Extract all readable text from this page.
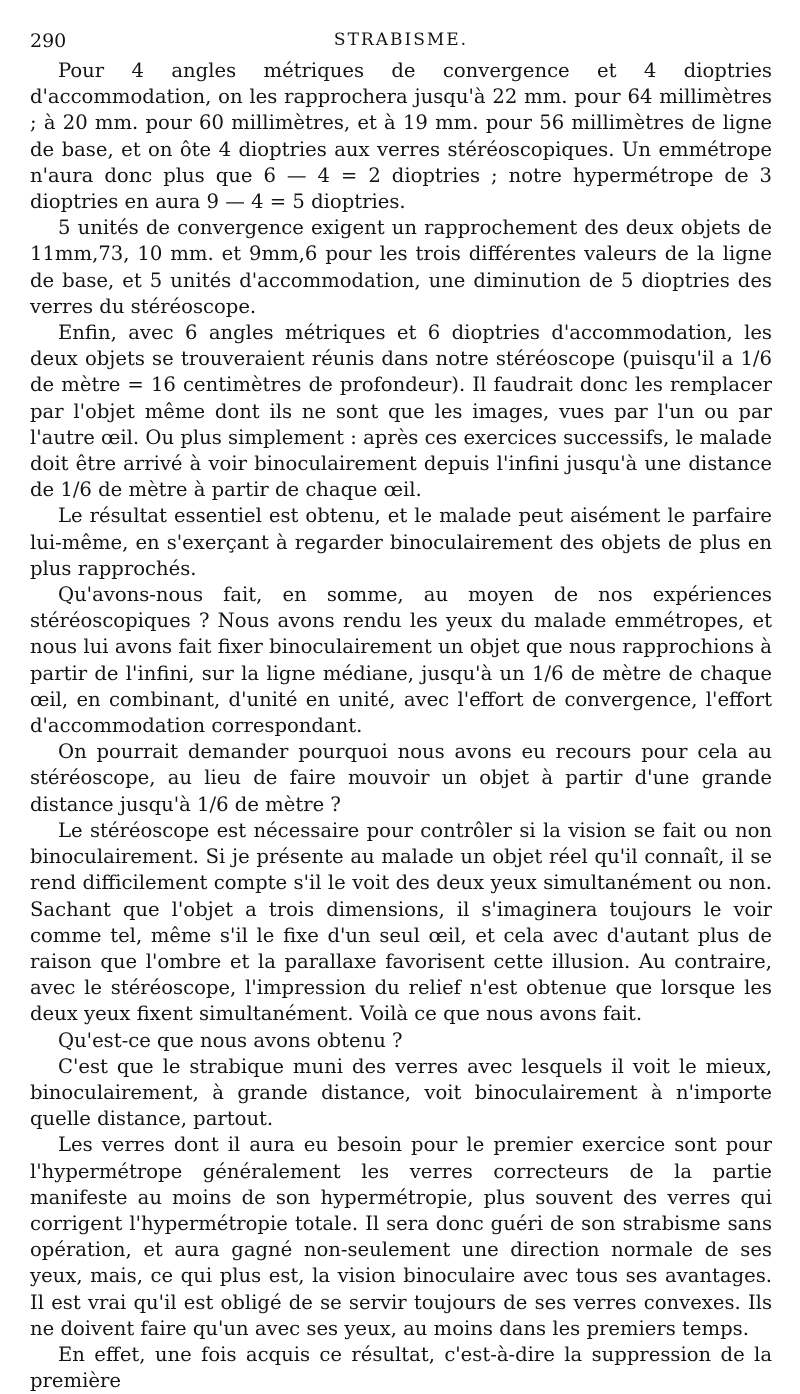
290	STRABISME.

Pour 4 angles métriques de convergence et 4 dioptries d'accommodation, on les rapprochera jusqu'à 22 mm. pour 64 millimètres ; à 20 mm. pour 60 millimètres, et à 19 mm. pour 56 millimètres de ligne de base, et on ôte 4 dioptries aux verres stéréoscopiques. Un emmétrope n'aura donc plus que 6 — 4 = 2 dioptries ; notre hypermétrope de 3 dioptries en aura 9 — 4 = 5 dioptries.

5 unités de convergence exigent un rapprochement des deux objets de 11mm,73, 10 mm. et 9mm,6 pour les trois différentes valeurs de la ligne de base, et 5 unités d'accommodation, une diminution de 5 dioptries des verres du stéréoscope.

Enfin, avec 6 angles métriques et 6 dioptries d'accommodation, les deux objets se trouveraient réunis dans notre stéréoscope (puisqu'il a 1/6 de mètre = 16 centimètres de profondeur). Il faudrait donc les remplacer par l'objet même dont ils ne sont que les images, vues par l'un ou par l'autre œil. Ou plus simplement : après ces exercices successifs, le malade doit être arrivé à voir binoculairement depuis l'infini jusqu'à une distance de 1/6 de mètre à partir de chaque œil.

Le résultat essentiel est obtenu, et le malade peut aisément le parfaire lui-même, en s'exerçant à regarder binoculairement des objets de plus en plus rapprochés.

Qu'avons-nous fait, en somme, au moyen de nos expériences stéréoscopiques ? Nous avons rendu les yeux du malade emmétropes, et nous lui avons fait fixer binoculairement un objet que nous rapprochions à partir de l'infini, sur la ligne médiane, jusqu'à un 1/6 de mètre de chaque œil, en combinant, d'unité en unité, avec l'effort de convergence, l'effort d'accommodation correspondant.

On pourrait demander pourquoi nous avons eu recours pour cela au stéréoscope, au lieu de faire mouvoir un objet à partir d'une grande distance jusqu'à 1/6 de mètre ?

Le stéréoscope est nécessaire pour contrôler si la vision se fait ou non binoculairement. Si je présente au malade un objet réel qu'il connaît, il se rend difficilement compte s'il le voit des deux yeux simultanément ou non. Sachant que l'objet a trois dimensions, il s'imaginera toujours le voir comme tel, même s'il le fixe d'un seul œil, et cela avec d'autant plus de raison que l'ombre et la parallaxe favorisent cette illusion. Au contraire, avec le stéréoscope, l'impression du relief n'est obtenue que lorsque les deux yeux fixent simultanément. Voilà ce que nous avons fait.

Qu'est-ce que nous avons obtenu ?

C'est que le strabique muni des verres avec lesquels il voit le mieux, binoculairement, à grande distance, voit binoculairement à n'importe quelle distance, partout.

Les verres dont il aura eu besoin pour le premier exercice sont pour l'hypermétrope généralement les verres correcteurs de la partie manifeste au moins de son hypermétropie, plus souvent des verres qui corrigent l'hypermétropie totale. Il sera donc guéri de son strabisme sans opération, et aura gagné non-seulement une direction normale de ses yeux, mais, ce qui plus est, la vision binoculaire avec tous ses avantages. Il est vrai qu'il est obligé de se servir toujours de ses verres convexes. Ils ne doivent faire qu'un avec ses yeux, au moins dans les premiers temps.

En effet, une fois acquis ce résultat, c'est-à-dire la suppression de la première
